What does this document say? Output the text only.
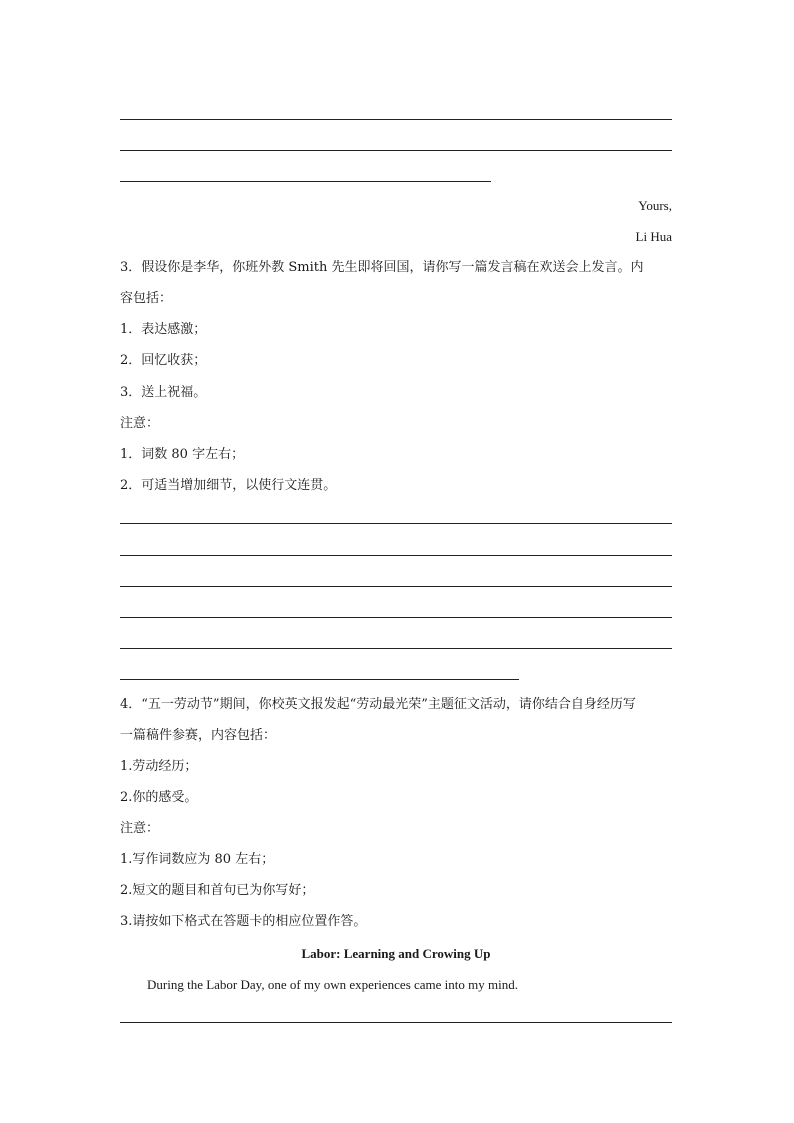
Yours,
Li Hua
3．假设你是李华，你班外教 Smith 先生即将回国，请你写一篇发言稿在欢送会上发言。内
容包括：
1．表达感激；
2．回忆收获；
3．送上祝福。
注意：
1．词数 80 字左右；
2．可适当增加细节，以使行文连贯。
4．“五一劳动节”期间，你校英文报发起“劳动最光荣”主题征文活动，请你结合自身经历写
一篇稿件参赛，内容包括：
1.劳动经历；
2.你的感受。
注意：
1.写作词数应为 80 左右；
2.短文的题目和首句已为你写好；
3.请按如下格式在答题卡的相应位置作答。
Labor: Learning and Crowing Up
During the Labor Day, one of my own experiences came into my mind.
